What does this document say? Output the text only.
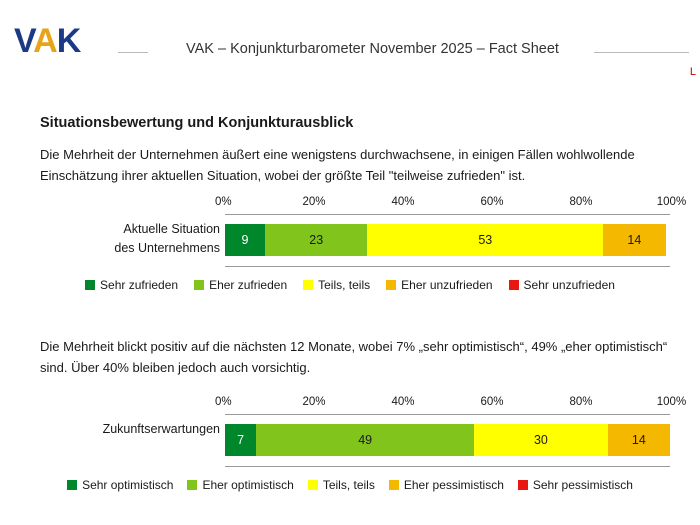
VAK	VAK – Konjunkturbarometer November 2025 – Fact Sheet
L
Situationsbewertung und Konjunkturausblick
Die Mehrheit der Unternehmen äußert eine wenigstens durchwachsene, in einigen Fällen wohlwollende Einschätzung ihrer aktuellen Situation, wobei der größte Teil "teilweise zufrieden" ist.
Die Mehrheit blickt positiv auf die nächsten 12 Monate, wobei 7% „sehr optimistisch“, 49% „eher optimistisch“ sind. Über 40% bleiben jedoch auch vorsichtig.
0%	20%	40%	60%	80%	100%
Aktuelle Situation
des Unternehmens
9	23	53	14
Sehr zufrieden	Eher zufrieden	Teils, teils	Eher unzufrieden	Sehr unzufrieden
0%	20%	40%	60%	80%	100%
Zukunftserwartungen
7	49	30	14
Sehr optimistisch Eher optimistisch Teils, teils Eher pessimistisch Sehr pessimistisch
